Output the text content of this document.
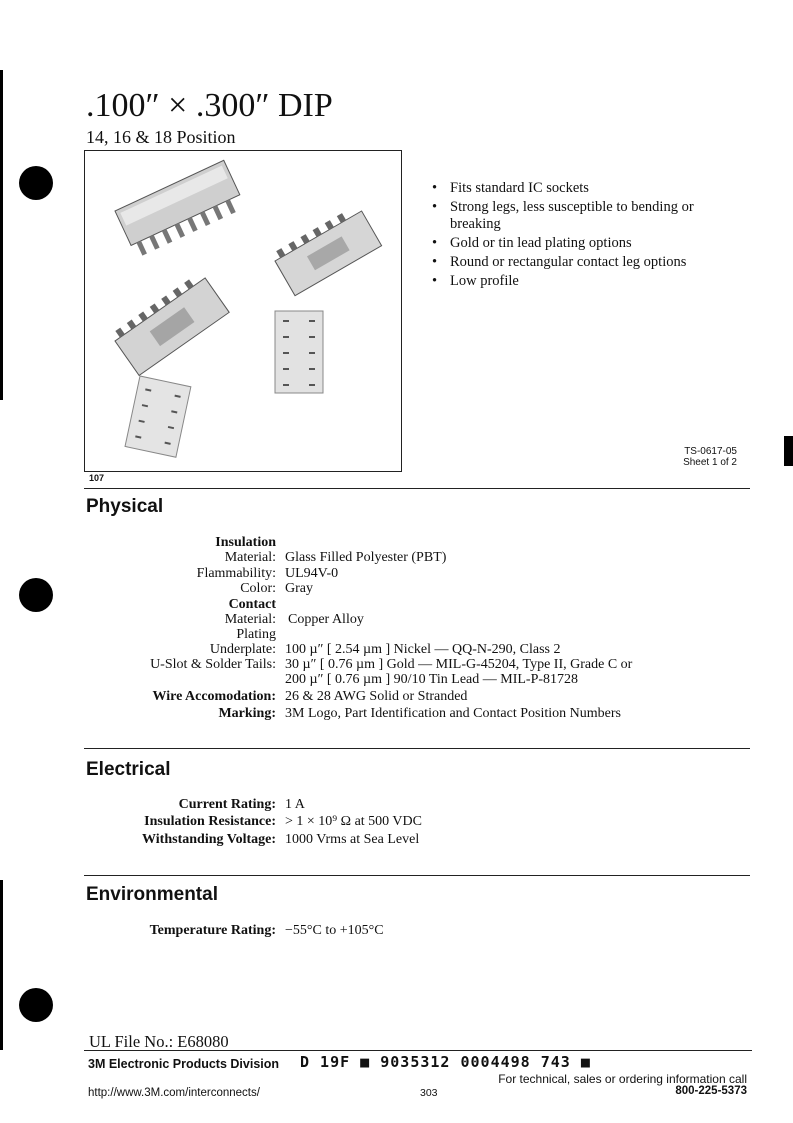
.100″ × .300″ DIP
14, 16 & 18 Position
107
• Fits standard IC sockets
• Strong legs, less susceptible to bending or breaking
• Gold or tin lead plating options
• Round or rectangular contact leg options
• Low profile
TS-0617-05
Sheet 1 of 2
Physical
Insulation
Material: Glass Filled Polyester (PBT)
Flammability: UL94V-0
Color: Gray
Contact
Material: Copper Alloy
Plating
Underplate: 100 µ″ [ 2.54 µm ] Nickel — QQ-N-290, Class 2
U-Slot & Solder Tails: 30 µ″ [ 0.76 µm ] Gold — MIL-G-45204, Type II, Grade C or
200 µ″ [ 0.76 µm ] 90/10 Tin Lead — MIL-P-81728
Wire Accomodation: 26 & 28 AWG Solid or Stranded
Marking: 3M Logo, Part Identification and Contact Position Numbers
Electrical
Current Rating: 1 A
Insulation Resistance: > 1 × 10⁹ Ω at 500 VDC
Withstanding Voltage: 1000 Vrms at Sea Level
Environmental
Temperature Rating: −55°C to +105°C
UL File No.: E68080
3M Electronic Products Division D 19F ■ 9035312 0004498 743 ■
For technical, sales or ordering information call
800-225-5373
http://www.3M.com/interconnects/	303
